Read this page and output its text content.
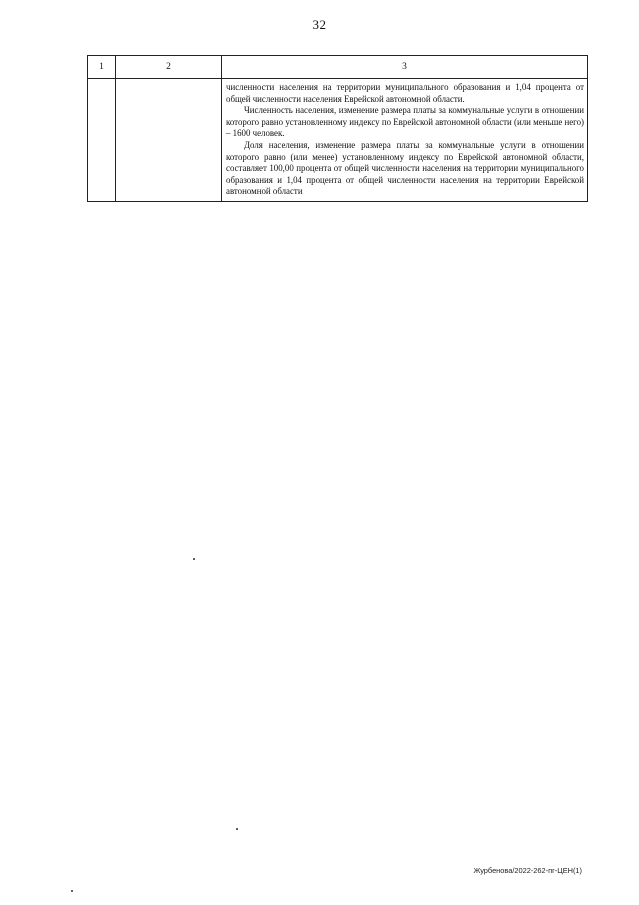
32
1	2	3

		численности населения на территории муниципального образования и 1,04 процента от общей численности населения Еврейской автономной области.

Численность населения, изменение размера платы за коммунальные услуги в отношении которого равно установленному индексу по Еврейской автономной области (или меньше него) – 1600 человек.

Доля населения, изменение размера платы за коммунальные услуги в отношении которого равно (или менее) установленному индексу по Еврейской автономной области, составляет 100,00 процента от общей численности населения на территории муниципального образования и 1,04 процента от общей численности населения на территории Еврейской автономной области

Журбенова/2022-262-пг-ЦЕН(1)
